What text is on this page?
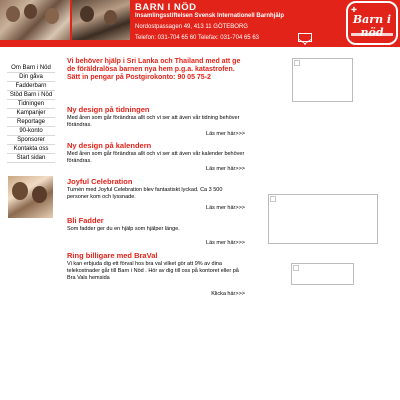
BARN I NÖD
Insamlingsstiftelsen Svensk Internationell Barnhjälp
Nordostpassagen 49, 413 11 GÖTEBORG
Telefon: 031-704 65 60 Telefax: 031-704 65 63
✚
Barn i
Om Barn i Nöd
Din gåva
Fadderbarn
Stöd Barn i Nöd
Tidningen
Kampanjer
Reportage
90-konto
Sponsorer
Kontakta oss
Start sidan

Vi behöver hjälp i Sri Lanka och Thailand med att ge de föräldralösa barnen nya hem p.g.a. katastrofen. Sätt in pengar på Postgirokonto: 90 05 75-2

Ny design på tidningen

Med åren som går förändras allt och vi ser att även vår tidning behöver förändras.

Läs mer här>>>

Ny design på kalendern

Med åren som går förändras allt och vi ser att även vår kalender behöver förändras.

Läs mer här>>>

Joyful Celebration

Turnén med Joyful Celebration blev fantastiskt lyckad. Ca 3 500 personer kom och lyssnade.

Läs mer här>>>

Bli Fadder

Som fadder ger du en hjälp som hjälper länge.

Läs mer här>>>

Ring billigare med BraVal

Vi kan erbjuda dig ett förval hos bra val vilket gör att 9% av dina telekostnader går till Barn i Nöd . Hör av dig till oss på kontoret eller på Bra Vals hemsida

Klicka här>>>
